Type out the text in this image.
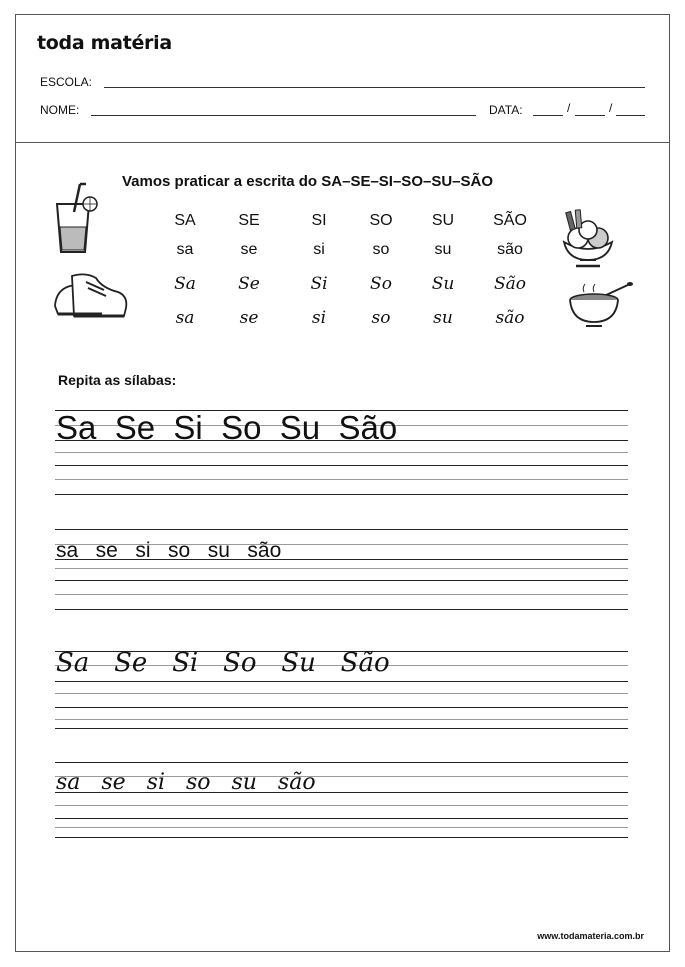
toda matéria
ESCOLA:
NOME:	DATA:	/	/
Vamos praticar a escrita do SA–SE–SI–SO–SU–SÃO
SA	SE	SI	SO	SU	SÃO
sa	se	si	so	su	são
Sa	Se	Si	So	Su	São
sa	se	si	so	su	são
Repita as sílabas:
Sa  Se  Si  So  Su  São
sa   se   si   so   su   são
Sa   Se   Si   So   Su   São
sa   se   si   so   su   são
www.todamateria.com.br
